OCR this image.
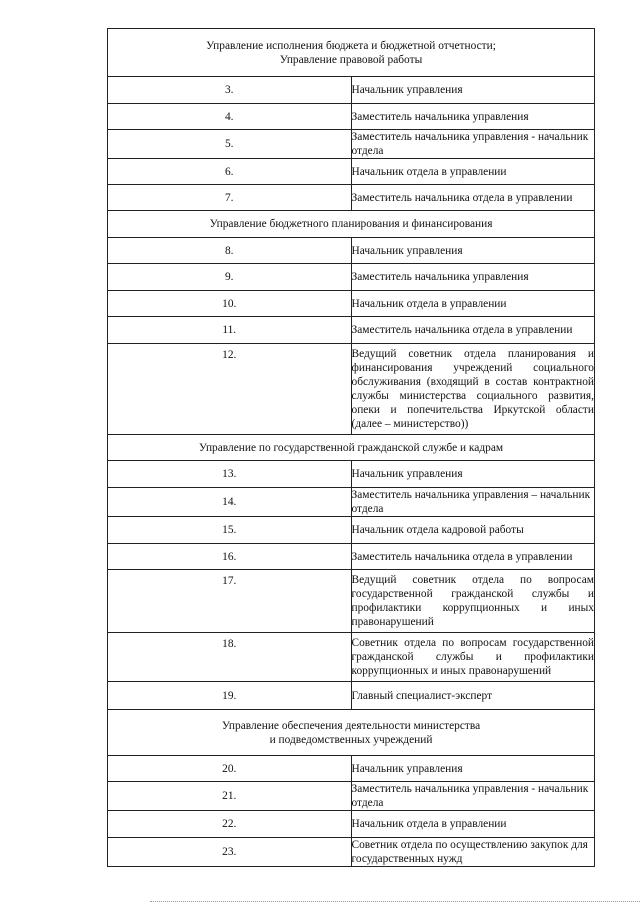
Управление исполнения бюджета и бюджетной отчетности;
Управление правовой работы	

3.	Начальник управления
4.	Заместитель начальника управления
5.	Заместитель начальника управления - начальник отдела
6.	Начальник отдела в управлении
7.	Заместитель начальника отдела в управлении

Управление бюджетного планирования и финансирования	

8.	Начальник управления
9.	Заместитель начальника управления
10.	Начальник отдела в управлении
11.	Заместитель начальника отдела в управлении
12.	Ведущий советник отдела планирования и финансирования учреждений социального обслуживания (входящий в состав контрактной службы министерства социального развития, опеки и попечительства Иркутской области (далее – министерство))

Управление по государственной гражданской службе и кадрам	

13.	Начальник управления
14.	Заместитель начальника управления – начальник отдела
15.	Начальник отдела кадровой работы
16.	Заместитель начальника отдела в управлении
17.	Ведущий советник отдела по вопросам государственной гражданской службы и профилактики коррупционных и иных правонарушений
18.	Советник отдела по вопросам государственной гражданской службы и профилактики коррупционных и иных правонарушений
19.	Главный специалист-эксперт

Управление обеспечения деятельности министерства
и подведомственных учреждений	

20.	Начальник управления
21.	Заместитель начальника управления - начальник отдела
22.	Начальник отдела в управлении
23.	Советник отдела по осуществлению закупок для государственных нужд
